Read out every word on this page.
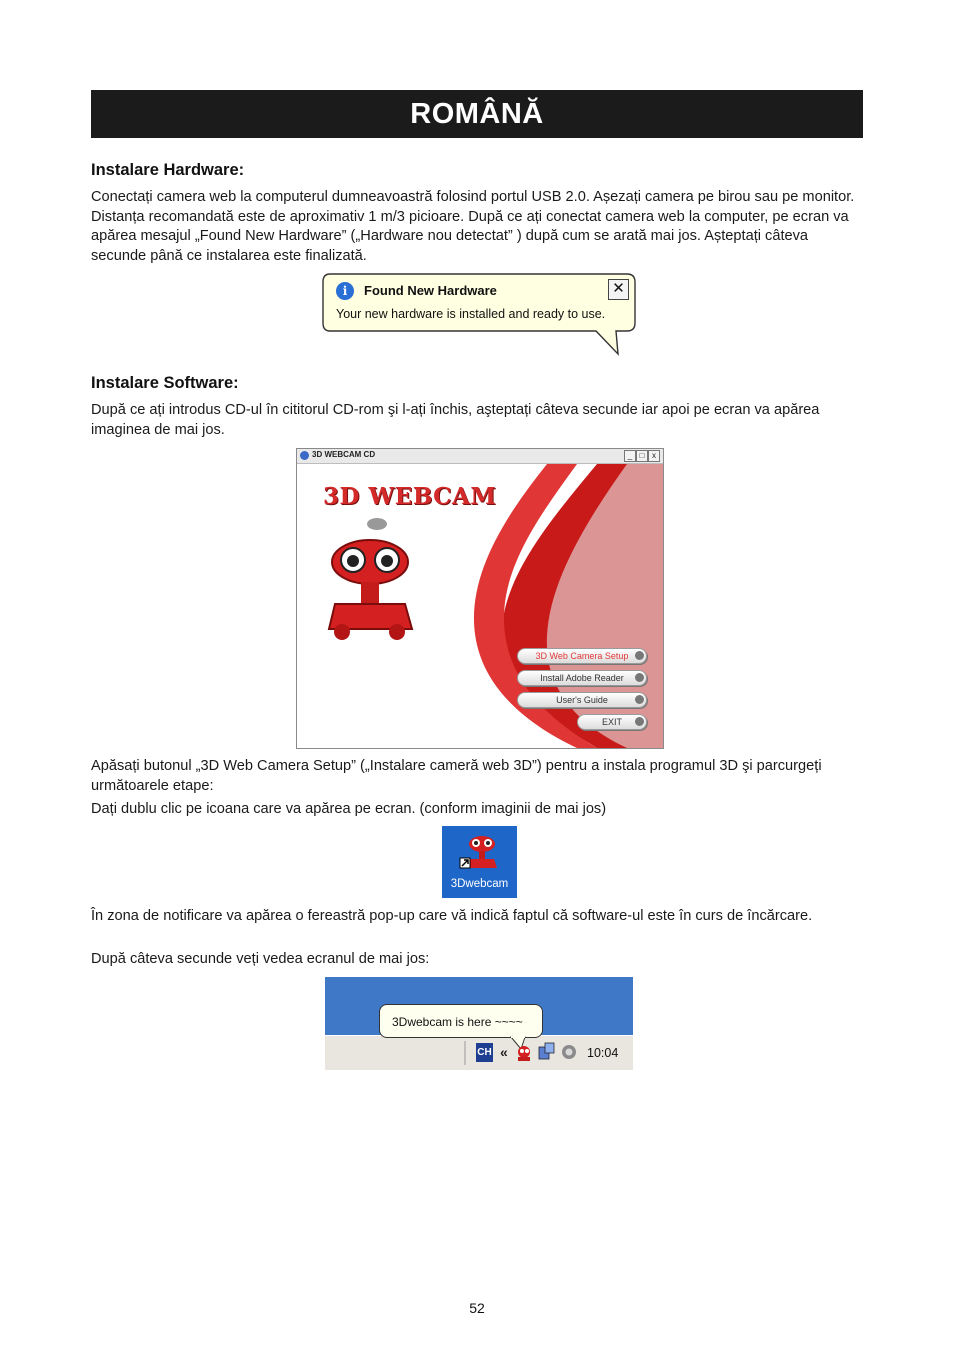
ROMÂNĂ
Instalare Hardware:
Conectați camera web la computerul dumneavoastră folosind portul USB 2.0. Așezați camera pe birou sau pe monitor. Distanța recomandată este de aproximativ 1 m/3 picioare. După ce ați conectat camera web la computer, pe ecran va apărea mesajul „Found New Hardware” („Hardware nou detectat” ) după cum se arată mai jos. Așteptați câteva secunde până ce instalarea este finalizată.
i	Found New Hardware	✕
Your new hardware is installed and ready to use.
Instalare Software:
După ce ați introdus CD-ul în cititorul CD-rom şi l-ați închis, aşteptați câteva secunde iar apoi pe ecran va apărea imaginea de mai jos.
3D WEBCAM CD	_ □ x
3D WEBCAM
3D Web Camera Setup
Install Adobe Reader
User's Guide
EXIT
Apăsați butonul „3D Web Camera Setup” („Instalare cameră web 3D”) pentru a instala programul 3D şi parcurgeți următoarele etape:
Dați dublu clic pe icoana care va apărea pe ecran. (conform imaginii de mai jos)
3Dwebcam
În zona de notificare va apărea o fereastră pop-up care vă indică faptul că software-ul este în curs de încărcare.
După câteva secunde veți vedea ecranul de mai jos:
3Dwebcam is here ~~~~
CH «	10:04
52
